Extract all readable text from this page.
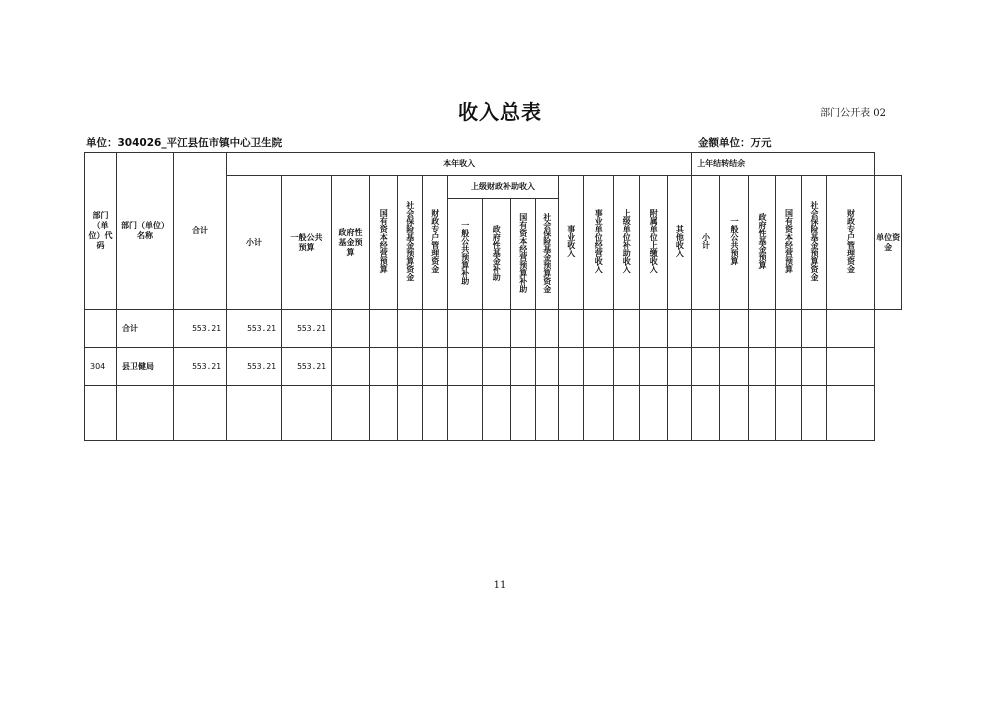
收入总表	部门公开表 02
单位：304026_平江县伍市镇中心卫生院	金额单位：万元
部门（单位）代码	部门（单位）名称	合计	本年收入															上年结转结余						
			小计	一般公共预算	政府性基金预算	国有资本经营预算	社会保险基金预算资金	财政专户管理资金	上级财政补助收入				事业收入	事业单位经营收入	上级单位补助收入	附属单位上缴收入	其他收入	小计	一般公共预算	政府性基金预算	国有资本经营预算	社会保险基金预算资金	财政专户管理资金	单位资金
									一般公共预算补助	政府性基金补助	国有资本经营预算补助	社会保险基金预算资金												
	合计	553.21	553.21	553.21																				
304	县卫健局	553.21	553.21	553.21																				

11
